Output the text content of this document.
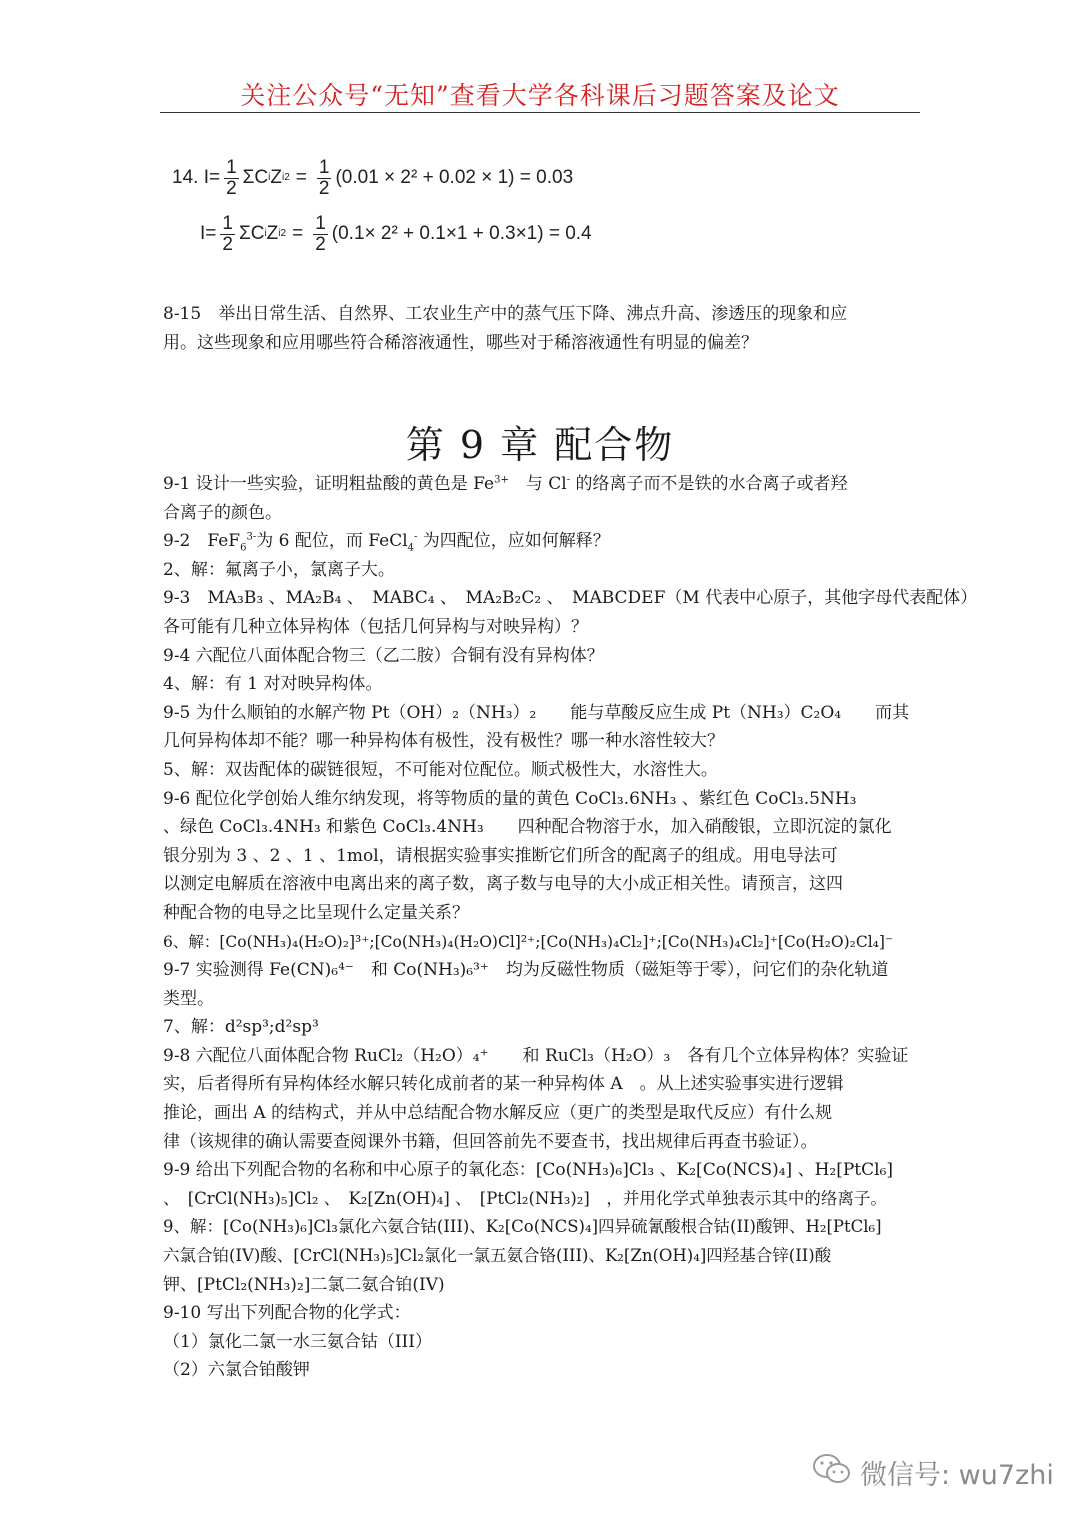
关注公众号“无知”查看大学各科课后习题答案及论文
14. $I = \frac{1}{2}$ ΣC i Z i $2 = \frac{1}{2} (0.01 \times 2^2 + 0.02 \times 1) = 0.03$
$I = \frac{1}{2}$ ΣC i Z i $2 = \frac{1}{2} (0.1\times 2^2 + 0.1\times 1 + 0.3\times 1) = 0.4$
8-15　举出日常生活、自然界、工农业生产中的蒸气压下降、沸点升高、渗透压的现象和应
用。这些现象和应用哪些符合稀溶液通性，哪些对于稀溶液通性有明显的偏差？
第 9 章 配合物
9-1 设计一些实验，证明粗盐酸的黄色是 $Fe^{3+}$　与 Cl- 的络离子而不是铁的水合离子或者羟
合离子的颜色。
9-2　FeF$_6^{3-}$为 6 配位，而 FeCl$_4$- 为四配位，应如何解释？
2、解：氟离子小，氯离子大。
9-3　MA₃B₃ 、MA₂B₄ 、　MABC₄ 、　MA₂B₂C₂ 、　MABCDEF（M 代表中心原子，其他字母代表配体）
各可能有几种立体异构体（包括几何异构与对映异构）？
9-4 六配位八面体配合物三（乙二胺）合铜有没有异构体？
4、解：有 1 对对映异构体。
9-5 为什么顺铂的水解产物 Pt（OH）₂（NH₃）₂　　能与草酸反应生成 Pt（NH₃）C₂O₄　　而其
几何异构体却不能？哪一种异构体有极性，没有极性？哪一种水溶性较大？
5、解：双齿配体的碳链很短，不可能对位配位。顺式极性大，水溶性大。
9-6 配位化学创始人维尔纳发现，将等物质的量的黄色 CoCl₃.6NH₃ 、紫红色 CoCl₃.5NH₃
、绿色 CoCl₃.4NH₃ 和紫色 CoCl₃.4NH₃　　四种配合物溶于水，加入硝酸银，立即沉淀的氯化
银分别为 3 、2 、1 、1mol，请根据实验事实推断它们所含的配离子的组成。用电导法可
以测定电解质在溶液中电离出来的离子数，离子数与电导的大小成正相关性。请预言，这四
种配合物的电导之比呈现什么定量关系？
6、解：[Co(NH₃)₄(H₂O)₂]³⁺;[Co(NH₃)₄(H₂O)Cl]²⁺;[Co(NH₃)₄Cl₂]⁺;[Co(NH₃)₄Cl₂]⁺[Co(H₂O)₂Cl₄]⁻
9-7 实验测得 Fe(CN)₆⁴⁻　和 Co(NH₃)₆³⁺　均为反磁性物质（磁矩等于零），问它们的杂化轨道
类型。
7、解：d²sp³;d²sp³
9-8 六配位八面体配合物 RuCl₂（H₂O）₄⁺　　和 RuCl₃（H₂O）₃　各有几个立体异构体？实验证
实，后者得所有异构体经水解只转化成前者的某一种异构体 A　。从上述实验事实进行逻辑
推论，画出 A 的结构式，并从中总结配合物水解反应（更广的类型是取代反应）有什么规
律（该规律的确认需要查阅课外书籍，但回答前先不要查书，找出规律后再查书验证）。
9-9 给出下列配合物的名称和中心原子的氧化态：[Co(NH₃)₆]Cl₃ 、K₂[Co(NCS)₄] 、H₂[PtCl₆]
、　[CrCl(NH₃)₅]Cl₂ 、　K₂[Zn(OH)₄] 、　[PtCl₂(NH₃)₂]　，并用化学式单独表示其中的络离子。
9、解：[Co(NH₃)₆]Cl₃氯化六氨合钴(III)、K₂[Co(NCS)₄]四异硫氰酸根合钴(II)酸钾、H₂[PtCl₆]
六氯合铂(IV)酸、[CrCl(NH₃)₅]Cl₂氯化一氯五氨合铬(III)、K₂[Zn(OH)₄]四羟基合锌(II)酸
钾、[PtCl₂(NH₃)₂]二氯二氨合铂(IV)
9-10 写出下列配合物的化学式：
（1）氯化二氯一水三氨合钴（III）
（2）六氯合铂酸钾
微信号: wu7zhi
